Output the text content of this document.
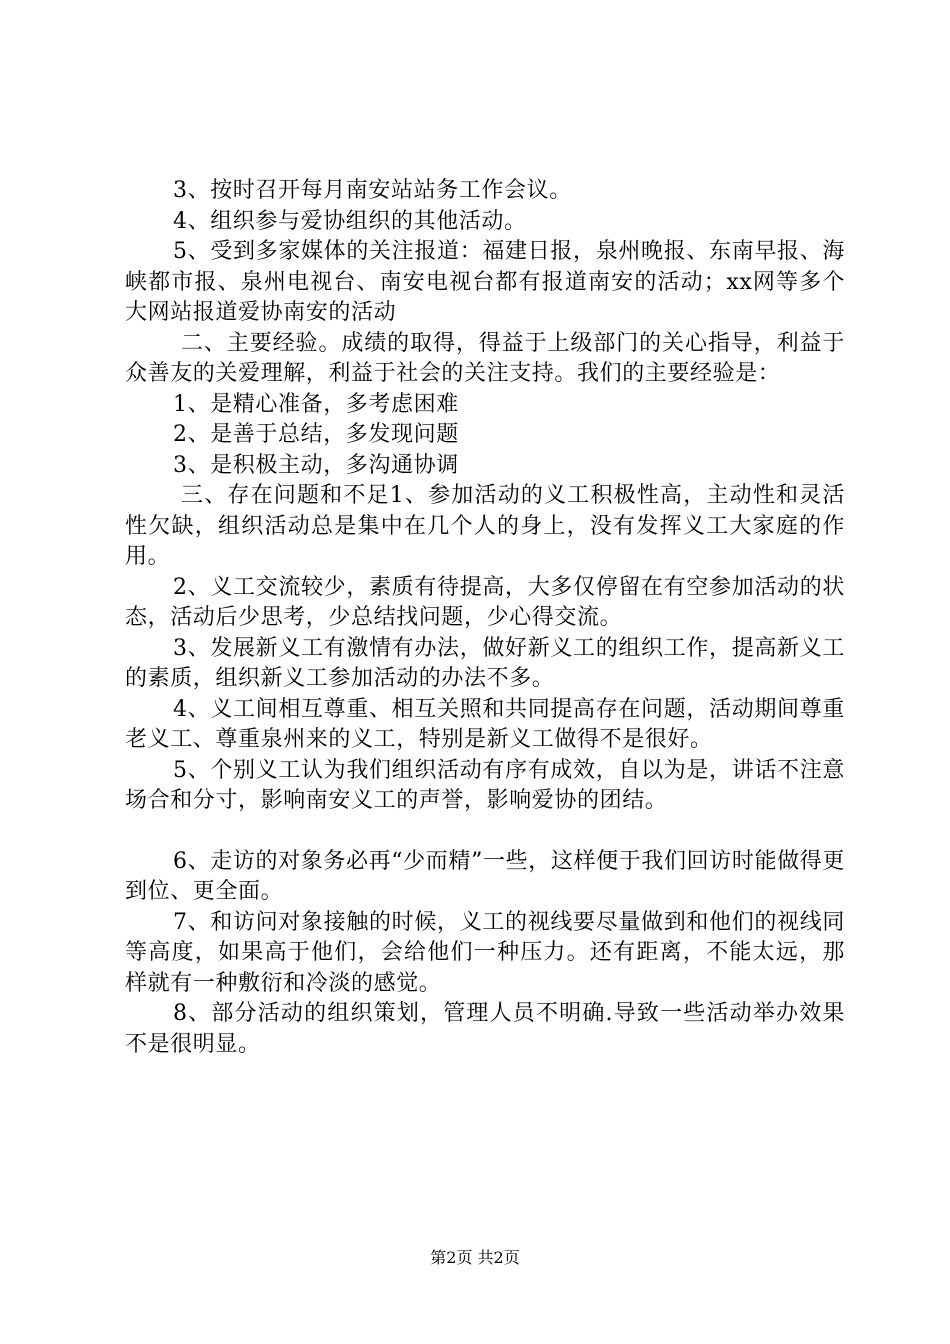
3、按时召开每月南安站站务工作会议。

4、组织参与爱协组织的其他活动。

5、受到多家媒体的关注报道：福建日报，泉州晚报、东南早报、海峡都市报、泉州电视台、南安电视台都有报道南安的活动；xx网等多个大网站报道爱协南安的活动

二、主要经验。成绩的取得，得益于上级部门的关心指导，利益于众善友的关爱理解，利益于社会的关注支持。我们的主要经验是：

1、是精心准备，多考虑困难

2、是善于总结，多发现问题

3、是积极主动，多沟通协调

三、存在问题和不足1、参加活动的义工积极性高，主动性和灵活性欠缺，组织活动总是集中在几个人的身上，没有发挥义工大家庭的作用。

2、义工交流较少，素质有待提高，大多仅停留在有空参加活动的状态，活动后少思考，少总结找问题，少心得交流。

3、发展新义工有激情有办法，做好新义工的组织工作，提高新义工的素质，组织新义工参加活动的办法不多。

4、义工间相互尊重、相互关照和共同提高存在问题，活动期间尊重老义工、尊重泉州来的义工，特别是新义工做得不是很好。

5、个别义工认为我们组织活动有序有成效，自以为是，讲话不注意场合和分寸，影响南安义工的声誉，影响爱协的团结。

6、走访的对象务必再“少而精”一些，这样便于我们回访时能做得更到位、更全面。

7、和访问对象接触的时候，义工的视线要尽量做到和他们的视线同等高度，如果高于他们，会给他们一种压力。还有距离，不能太远，那样就有一种敷衍和冷淡的感觉。

8、部分活动的组织策划，管理人员不明确.导致一些活动举办效果不是很明显。

第2页 共2页
